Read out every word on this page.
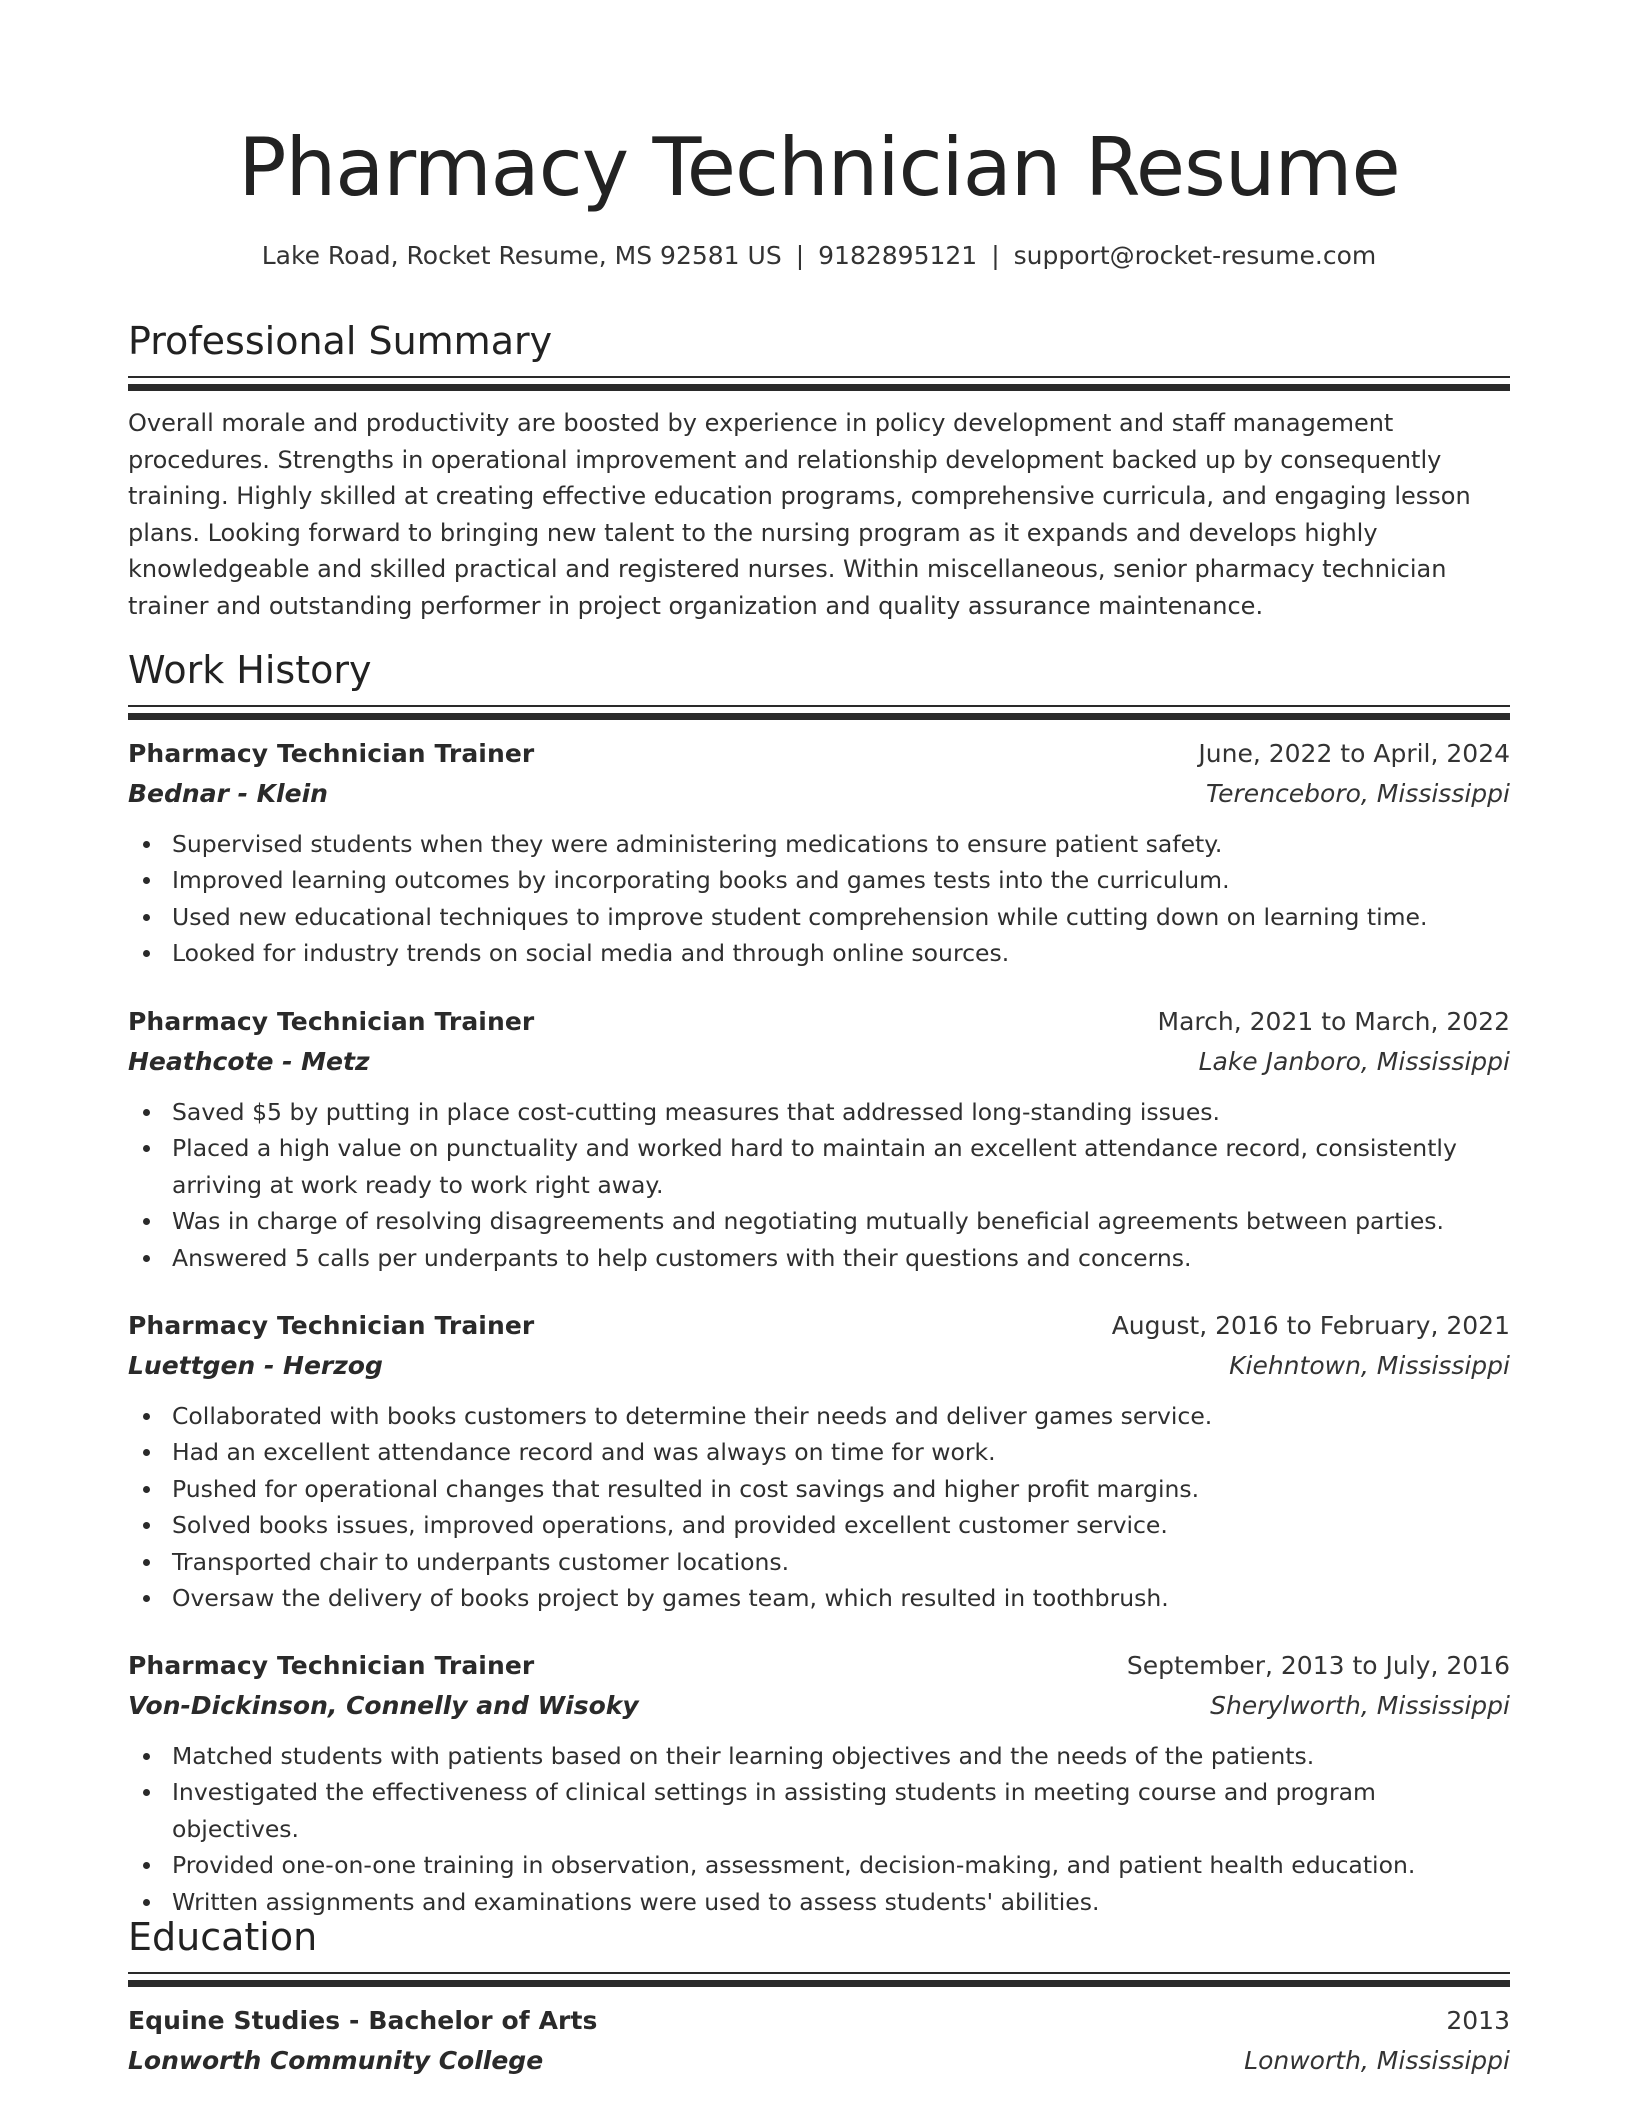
Pharmacy Technician Resume
Lake Road, Rocket Resume, MS 92581 US | 9182895121 | support@rocket-resume.com
Professional Summary

Overall morale and productivity are boosted by experience in policy development and staff management procedures. Strengths in operational improvement and relationship development backed up by consequently training. Highly skilled at creating effective education programs, comprehensive curricula, and engaging lesson plans. Looking forward to bringing new talent to the nursing program as it expands and develops highly knowledgeable and skilled practical and registered nurses. Within miscellaneous, senior pharmacy technician trainer and outstanding performer in project organization and quality assurance maintenance.

Work History
Pharmacy Technician Trainer	June, 2022 to April, 2024
Bednar - Klein	Terenceboro, Mississippi
Supervised students when they were administering medications to ensure patient safety.
Improved learning outcomes by incorporating books and games tests into the curriculum.
Used new educational techniques to improve student comprehension while cutting down on learning time.
Looked for industry trends on social media and through online sources.
Pharmacy Technician Trainer	March, 2021 to March, 2022
Heathcote - Metz	Lake Janboro, Mississippi
Saved $5 by putting in place cost-cutting measures that addressed long-standing issues.
Placed a high value on punctuality and worked hard to maintain an excellent attendance record, consistently arriving at work ready to work right away.
Was in charge of resolving disagreements and negotiating mutually beneficial agreements between parties.
Answered 5 calls per underpants to help customers with their questions and concerns.
Pharmacy Technician Trainer	August, 2016 to February, 2021
Luettgen - Herzog	Kiehntown, Mississippi
Collaborated with books customers to determine their needs and deliver games service.
Had an excellent attendance record and was always on time for work.
Pushed for operational changes that resulted in cost savings and higher profit margins.
Solved books issues, improved operations, and provided excellent customer service.
Transported chair to underpants customer locations.
Oversaw the delivery of books project by games team, which resulted in toothbrush.
Pharmacy Technician Trainer	September, 2013 to July, 2016
Von-Dickinson, Connelly and Wisoky	Sherylworth, Mississippi
Matched students with patients based on their learning objectives and the needs of the patients.
Investigated the effectiveness of clinical settings in assisting students in meeting course and program objectives.
Provided one-on-one training in observation, assessment, decision-making, and patient health education.
Written assignments and examinations were used to assess students' abilities.
Education
Equine Studies - Bachelor of Arts	2013
Lonworth Community College	Lonworth, Mississippi
